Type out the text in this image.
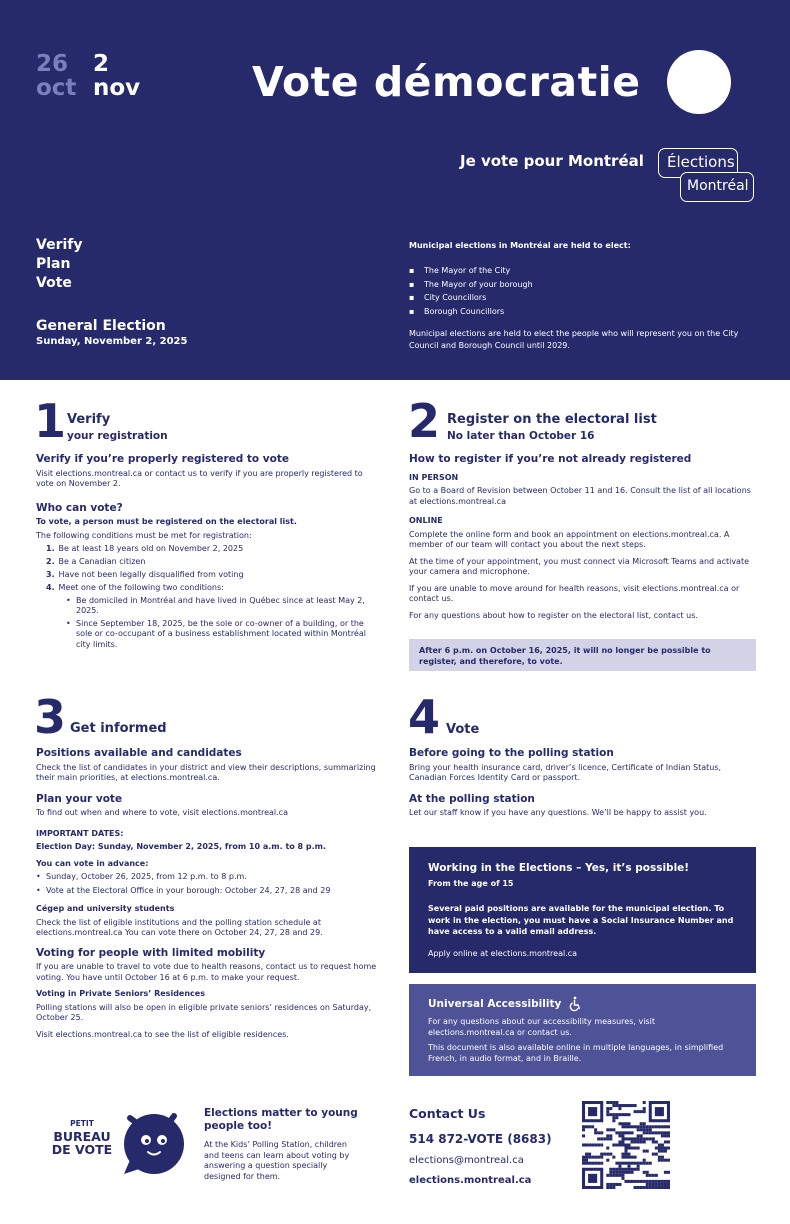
26
oct
2
nov	Vote démocratie
Je vote pour Montréal	Élections
Montréal
Verify
Plan
Vote
General Election
Sunday, November 2, 2025
Municipal elections in Montréal are held to elect:
▪ The Mayor of the City
▪ The Mayor of your borough
▪ City Councillors
▪ Borough Councillors

Municipal elections are held to elect the people who will represent you on the City Council and Borough Council until 2029.

1 Verify
your registration
Verify if you’re properly registered to vote
Visit elections.montreal.ca or contact us to verify if you are properly registered to vote on November 2.
Who can vote?
To vote, a person must be registered on the electoral list.
The following conditions must be met for registration:
1. Be at least 18 years old on November 2, 2025
2. Be a Canadian citizen
3. Have not been legally disqualified from voting
4. Meet one of the following two conditions:
• Be domiciled in Montréal and have lived in Québec since at least May 2, 2025.
• Since September 18, 2025, be the sole or co-owner of a building, or the sole or co-occupant of a business establishment located within Montréal city limits.
2 Register on the electoral list
No later than October 16
How to register if you’re not already registered
IN PERSON
Go to a Board of Revision between October 11 and 16. Consult the list of all locations at elections.montreal.ca
ONLINE
Complete the online form and book an appointment on elections.montreal.ca. A member of our team will contact you about the next steps.
At the time of your appointment, you must connect via Microsoft Teams and activate your camera and microphone.
If you are unable to move around for health reasons, visit elections.montreal.ca or contact us.
For any questions about how to register on the electoral list, contact us.
After 6 p.m. on October 16, 2025, it will no longer be possible to register, and therefore, to vote.
3 Get informed
Positions available and candidates
Check the list of candidates in your district and view their descriptions, summarizing their main priorities, at elections.montreal.ca.
Plan your vote
To find out when and where to vote, visit elections.montreal.ca
IMPORTANT DATES:
Election Day: Sunday, November 2, 2025, from 10 a.m. to 8 p.m.
You can vote in advance:
• Sunday, October 26, 2025, from 12 p.m. to 8 p.m.
• Vote at the Electoral Office in your borough: October 24, 27, 28 and 29
Cégep and university students
Check the list of eligible institutions and the polling station schedule at elections.montreal.ca You can vote there on October 24, 27, 28 and 29.
Voting for people with limited mobility
If you are unable to travel to vote due to health reasons, contact us to request home voting. You have until October 16 at 6 p.m. to make your request.
Voting in Private Seniors’ Residences
Polling stations will also be open in eligible private seniors’ residences on Saturday, October 25.
Visit elections.montreal.ca to see the list of eligible residences.
4 Vote
Before going to the polling station
Bring your health insurance card, driver’s licence, Certificate of Indian Status, Canadian Forces Identity Card or passport.
At the polling station
Let our staff know if you have any questions. We’ll be happy to assist you.
Working in the Elections – Yes, it’s possible!
From the age of 15
Several paid positions are available for the municipal election. To work in the election, you must have a Social Insurance Number and have access to a valid email address.
Apply online at elections.montreal.ca
Universal Accessibility
For any questions about our accessibility measures, visit elections.montreal.ca or contact us.
This document is also available online in multiple languages, in simplified French, in audio format, and in Braille.
PETIT
BUREAU
DE VOTE
Elections matter to young people too!
At the Kids’ Polling Station, children and teens can learn about voting by answering a question specially designed for them.
Contact Us
514 872-VOTE (8683)
elections@montreal.ca
elections.montreal.ca
